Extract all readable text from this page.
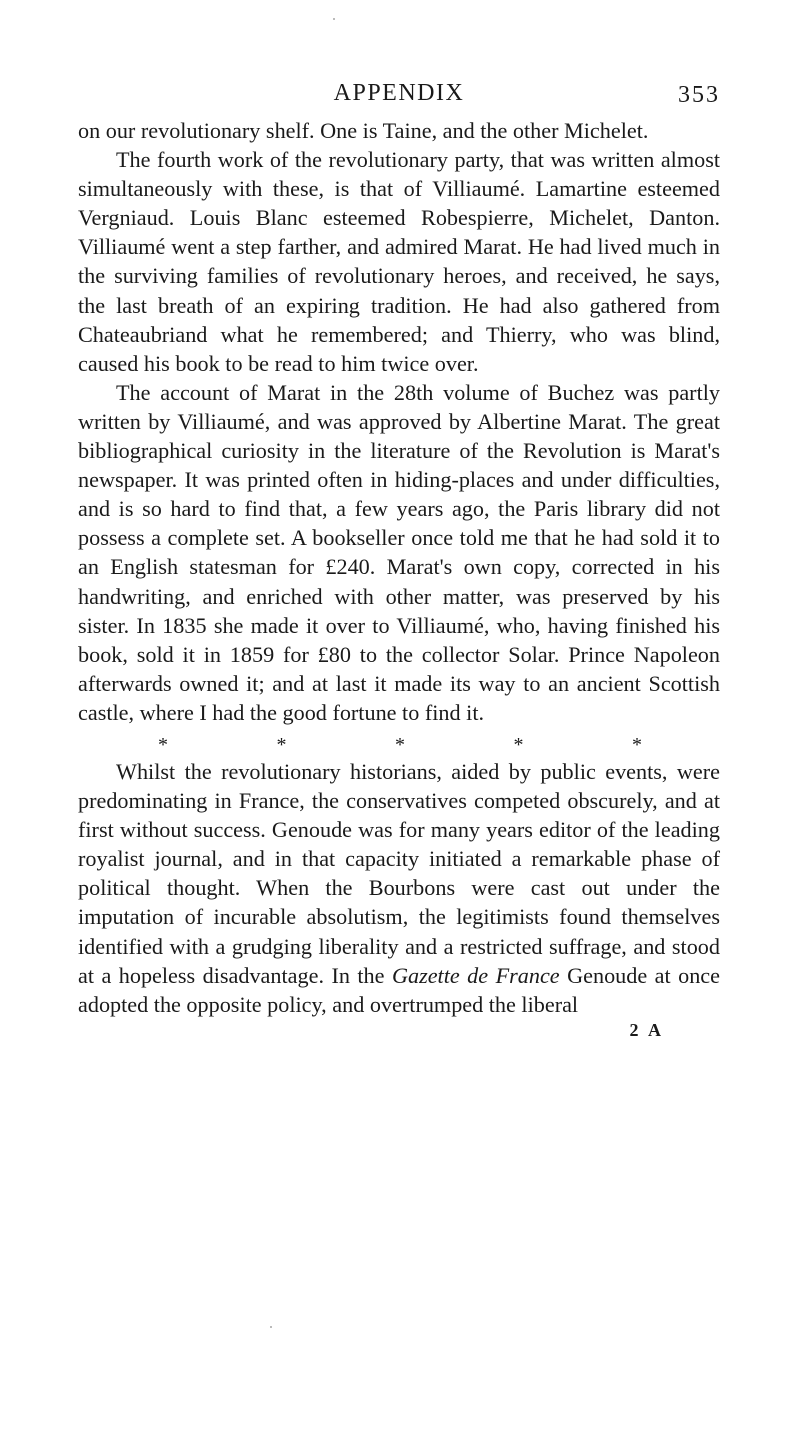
APPENDIX	353

on our revolutionary shelf. One is Taine, and the other Michelet.

The fourth work of the revolutionary party, that was written almost simultaneously with these, is that of Villiaumé. Lamartine esteemed Vergniaud. Louis Blanc esteemed Robespierre, Michelet, Danton. Villiaumé went a step farther, and admired Marat. He had lived much in the surviving families of revolutionary heroes, and received, he says, the last breath of an expiring tradition. He had also gathered from Chateaubriand what he remembered; and Thierry, who was blind, caused his book to be read to him twice over.

The account of Marat in the 28th volume of Buchez was partly written by Villiaumé, and was approved by Albertine Marat. The great bibliographical curiosity in the literature of the Revolution is Marat's newspaper. It was printed often in hiding-places and under difficulties, and is so hard to find that, a few years ago, the Paris library did not possess a complete set. A bookseller once told me that he had sold it to an English statesman for £240. Marat's own copy, corrected in his handwriting, and enriched with other matter, was preserved by his sister. In 1835 she made it over to Villiaumé, who, having finished his book, sold it in 1859 for £80 to the collector Solar. Prince Napoleon afterwards owned it; and at last it made its way to an ancient Scottish castle, where I had the good fortune to find it.

*	*	*	*	*

Whilst the revolutionary historians, aided by public events, were predominating in France, the conservatives competed obscurely, and at first without success. Genoude was for many years editor of the leading royalist journal, and in that capacity initiated a remarkable phase of political thought. When the Bourbons were cast out under the imputation of incurable absolutism, the legitimists found themselves identified with a grudging liberality and a restricted suffrage, and stood at a hopeless disadvantage. In the Gazette de France Genoude at once adopted the opposite policy, and overtrumped the liberal

2 A
